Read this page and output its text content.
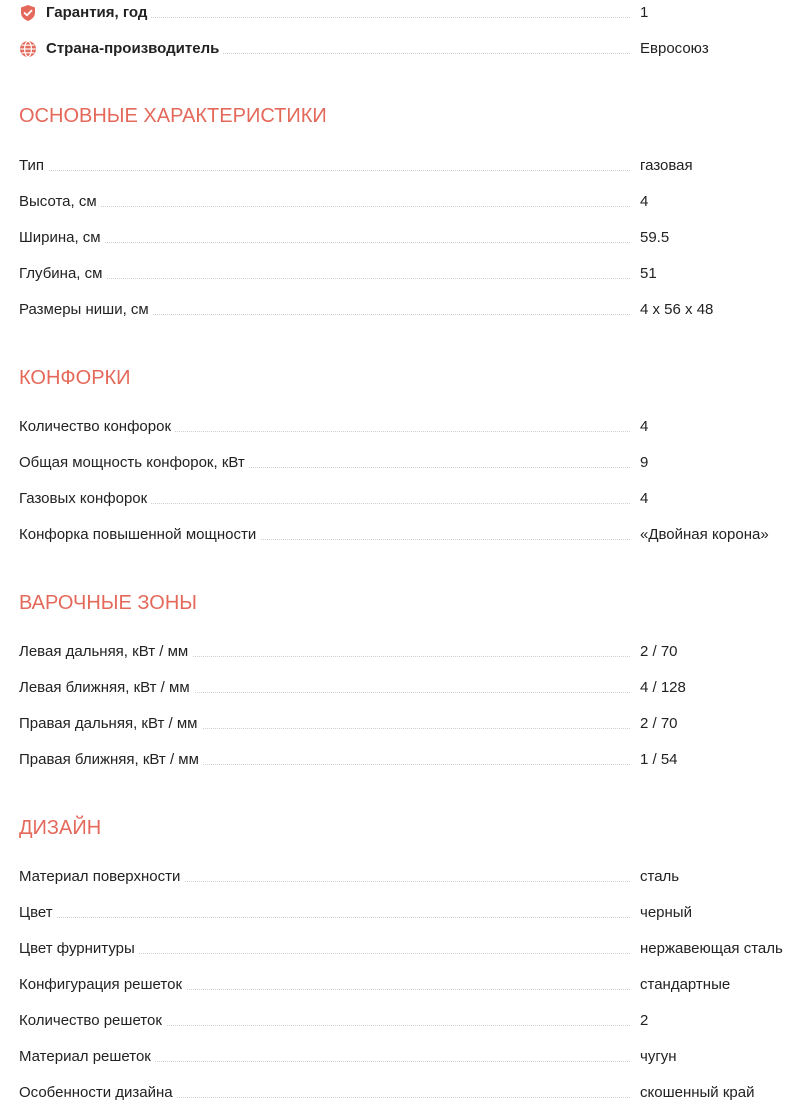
Гарантия, год	1
Страна-производитель	Евросоюз
ОСНОВНЫЕ ХАРАКТЕРИСТИКИ
Тип	газовая
Высота, см	4
Ширина, см	59.5
Глубина, см	51
Размеры ниши, см	4 x 56 x 48
КОНФОРКИ
Количество конфорок	4
Общая мощность конфорок, кВт	9
Газовых конфорок	4
Конфорка повышенной мощности	«Двойная корона»
ВАРОЧНЫЕ ЗОНЫ
Левая дальняя, кВт / мм	2 / 70
Левая ближняя, кВт / мм	4 / 128
Правая дальняя, кВт / мм	2 / 70
Правая ближняя, кВт / мм	1 / 54
ДИЗАЙН
Материал поверхности	сталь
Цвет	черный
Цвет фурнитуры	нержавеющая сталь
Конфигурация решеток	стандартные
Количество решеток	2
Материал решеток	чугун
Особенности дизайна	скошенный край
